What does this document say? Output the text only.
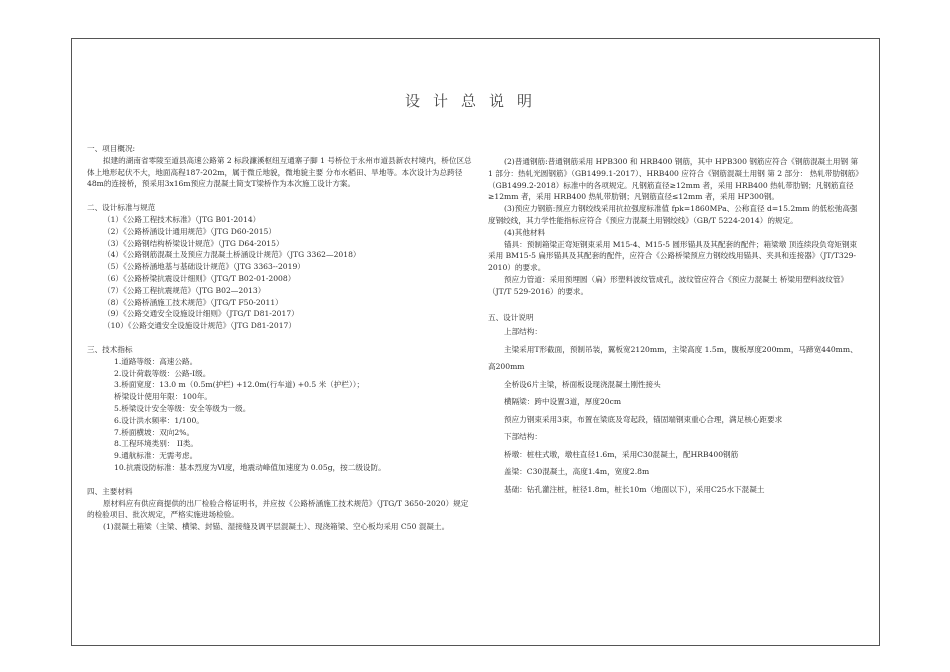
设计总说明
一、项目概况:
拟建的湖南省零陵至道县高速公路第 2 标段濂溪枢纽互通寨子脚 1 号桥位于永州市道县新农村境内，桥位区总体上地形起伏不大，地面高程187-202m，属于微丘地貌，微地貌主要 分布水稻田、旱地等。本次设计为总跨径48m的连接桥，预采用3x16m预应力混凝土简支T梁桥作为本次施工设计方案。
二、设计标准与规范
（1）《公路工程技术标准》（JTG B01-2014）
（2）《公路桥涵设计通用规范》（JTG D60-2015）
（3）《公路钢结构桥梁设计规范》（JTG D64-2015）
（4）《公路钢筋混凝土及预应力混凝土桥涵设计规范》（JTG 3362—2018）
（5）《公路桥涵地基与基础设计规范》（JTG 3363--2019）
（6）《公路桥梁抗震设计细则》（JTG/T B02-01-2008）
（7）《公路工程抗震规范》（JTG B02—2013）
（8）《公路桥涵施工技术规范》（JTG/T F50-2011）
（9）《公路交通安全设施设计细则》（JTG/T D81-2017）
（10）《公路交通安全设施设计规范》（JTG D81-2017）
三、技术指标
1.道路等级：高速公路。
2.设计荷载等级：公路-Ⅰ级。
3.桥面宽度：13.0 m（0.5m(护栏) +12.0m(行车道) +0.5 米（护栏））；
桥梁设计使用年限：100年。
5.桥梁设计安全等级：安全等级为一级。
6.设计洪水频率：1/100。
7.桥面横坡：双向2%。
8.工程环境类别： II类。
9.通航标准：无需考虑。
10.抗震设防标准：基本烈度为Ⅵ度，地震动峰值加速度为 0.05g，按二级设防。
四、主要材料
原材料应有供应商提供的出厂检验合格证明书，并应按《公路桥涵施工技术规范》（JTG/T 3650-2020）规定的检验项目、批次规定，严格实施进场检验。
(1)混凝土箱梁（主梁、横梁、封锚、湿接缝及调平层混凝土）、现浇箱梁、空心板均采用 C50 混凝土。
(2)普通钢筋:普通钢筋采用 HPB300 和 HRB400 钢筋，其中 HPB300 钢筋应符合《钢筋混凝土用钢 第 1 部分：热轧光圆钢筋》（GB1499.1-2017）、HRB400 应符合《钢筋混凝土用钢 第 2 部分： 热轧带肋钢筋》（GB1499.2-2018）标准中的各项规定。凡钢筋直径≥12mm 者，采用 HRB400 热轧带肋钢；凡钢筋直径≥12mm 者，采用 HRB400 热轧带肋钢；凡钢筋直径≤12mm 者，采用 HP300钢。
(3)预应力钢筋:预应力钢绞线采用抗拉强度标准值 fpk=1860MPa、公称直径 d=15.2mm 的低松弛高强度钢绞线，其力学性能指标应符合《预应力混凝土用钢绞线》（GB/T 5224-2014）的规定。
(4)其他材料
锚具：预制箱梁正弯矩钢束采用 M15-4、M15-5 圆形锚具及其配套的配件；箱梁墩 顶连续段负弯矩钢束采用 BM15-5 扁形锚具及其配套的配件，应符合《公路桥梁预应力钢绞线用锚具、夹具和连接器》（JT/T329-2010）的要求。
预应力管道：采用预埋圆（扁）形塑料波纹管成孔，波纹管应符合《预应力混凝土 桥梁用塑料波纹管》（JT/T 529-2016）的要求。
五、设计说明
上部结构：
主梁采用T形截面，预制吊装，翼板宽2120mm，主梁高度 1.5m，腹板厚度200mm，马蹄宽440mm、高200mm
全桥设6片主梁，桥面板设现浇混凝土刚性接头
横隔梁：跨中设置3道，厚度20cm
预应力钢束采用3束，布置在梁底及弯起段，锚固端钢束重心合理，满足核心距要求
下部结构：
桥墩：桩柱式墩，墩柱直径1.6m，采用C30混凝土，配HRB400钢筋
盖梁：C30混凝土，高度1.4m，宽度2.8m
基础：钻孔灌注桩，桩径1.8m，桩长10m（地面以下），采用C25水下混凝土
